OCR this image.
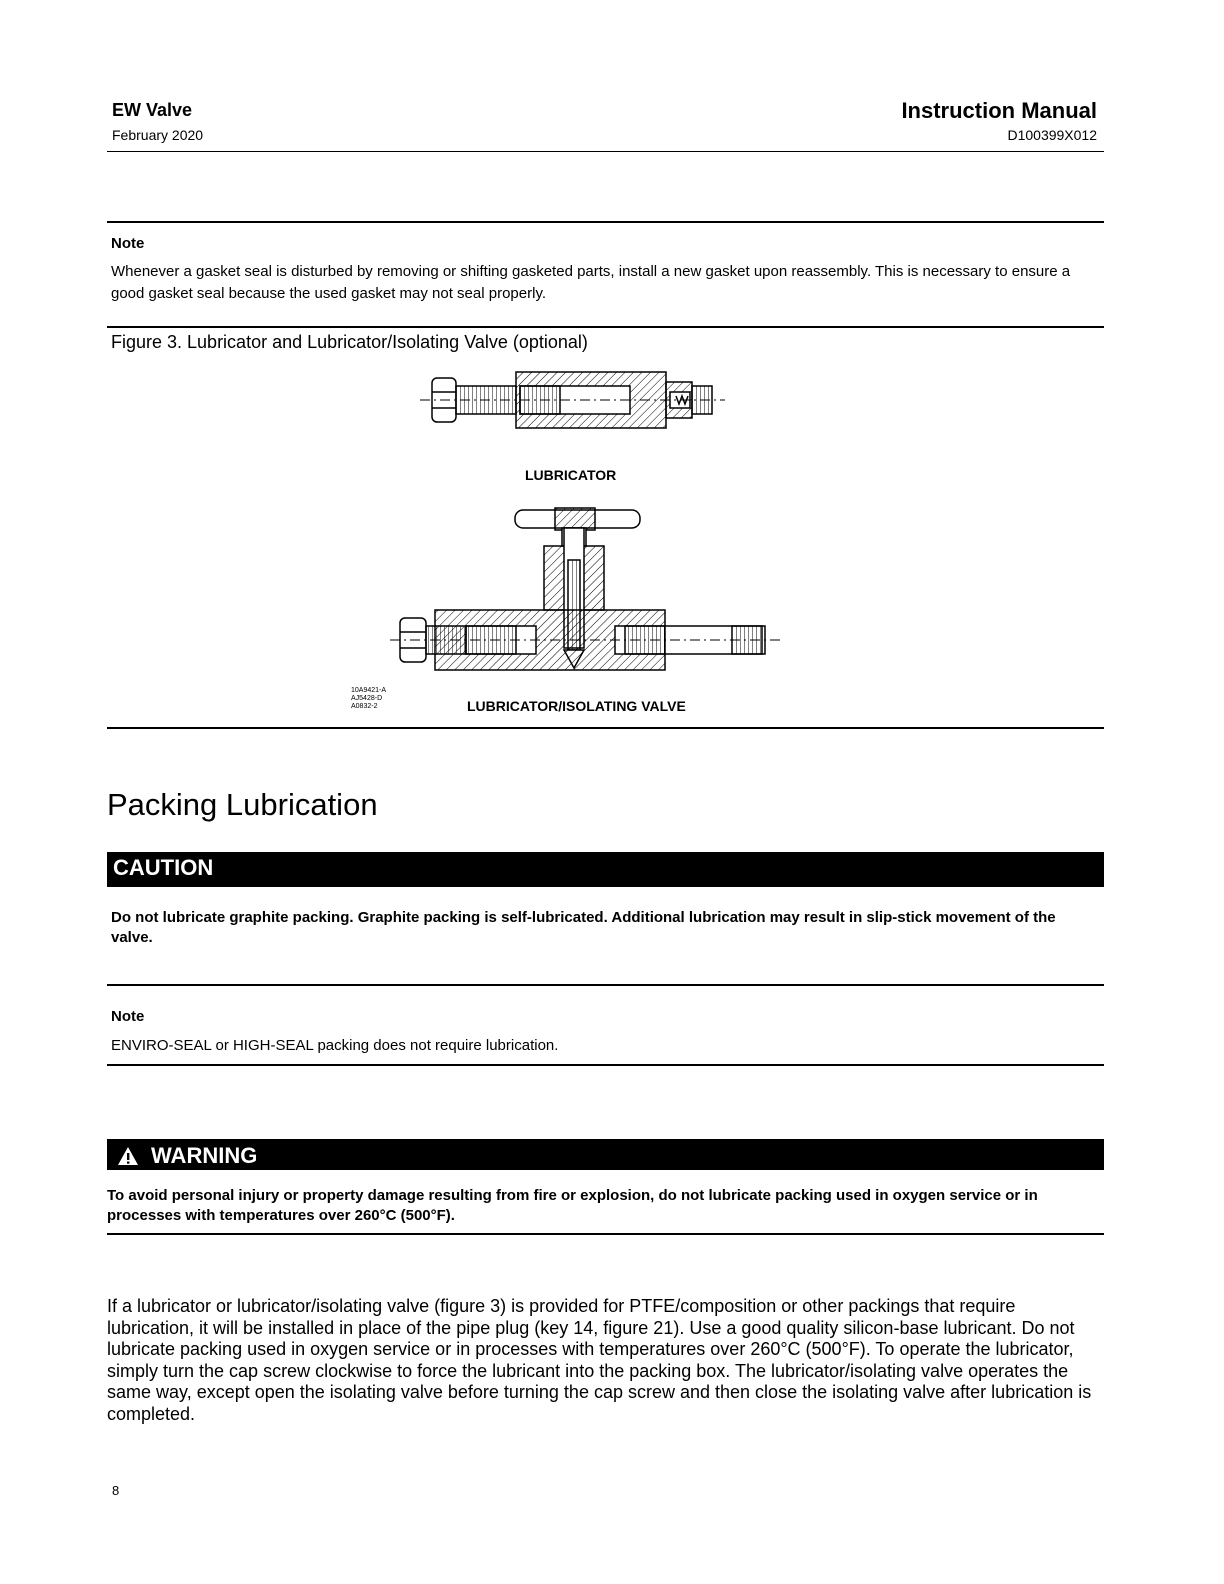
EW Valve
February 2020
Instruction Manual
D100399X012
Note
Whenever a gasket seal is disturbed by removing or shifting gasketed parts, install a new gasket upon reassembly. This is necessary to ensure a good gasket seal because the used gasket may not seal properly.
Figure 3. Lubricator and Lubricator/Isolating Valve (optional)
LUBRICATOR
10A9421-A
AJ5428-D
A0832-2	LUBRICATOR/ISOLATING VALVE
Packing Lubrication
CAUTION
Do not lubricate graphite packing. Graphite packing is self-lubricated. Additional lubrication may result in slip-stick movement of the valve.
Note
ENVIRO-SEAL or HIGH-SEAL packing does not require lubrication.
WARNING
To avoid personal injury or property damage resulting from fire or explosion, do not lubricate packing used in oxygen service or in processes with temperatures over 260°C (500°F).
If a lubricator or lubricator/isolating valve (figure 3) is provided for PTFE/composition or other packings that require lubrication, it will be installed in place of the pipe plug (key 14, figure 21). Use a good quality silicon-base lubricant. Do not lubricate packing used in oxygen service or in processes with temperatures over 260°C (500°F). To operate the lubricator, simply turn the cap screw clockwise to force the lubricant into the packing box. The lubricator/isolating valve operates the same way, except open the isolating valve before turning the cap screw and then close the isolating valve after lubrication is completed.
8
